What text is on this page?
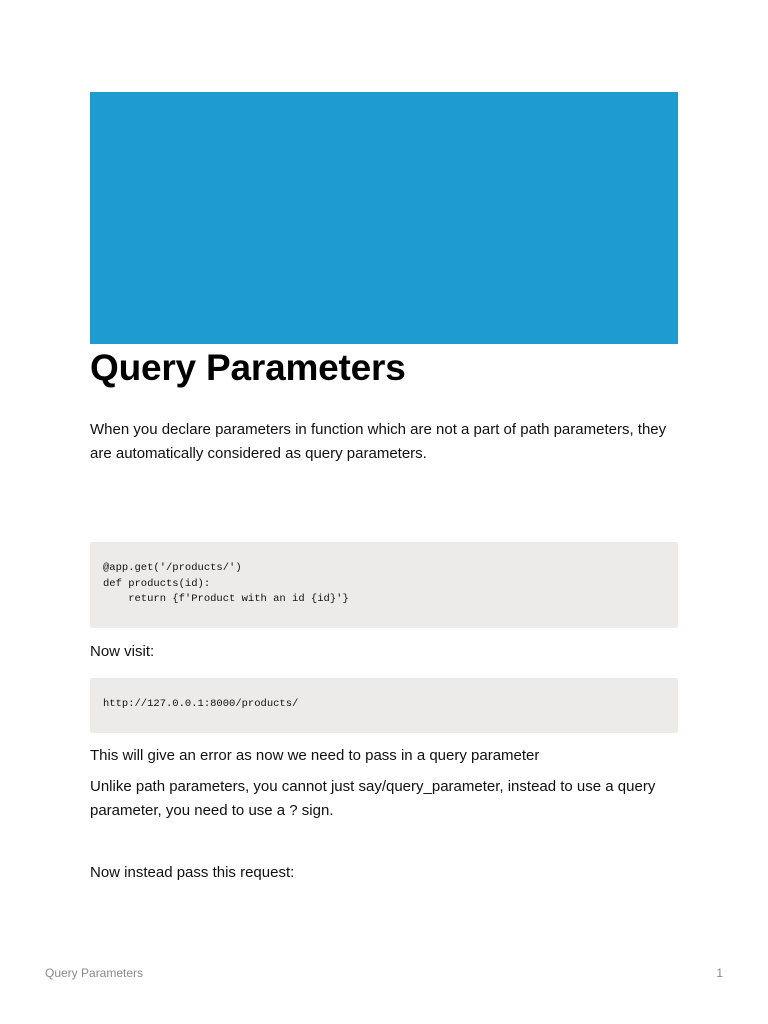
Query Parameters

When you declare parameters in function which are not a part of path parameters, they are automatically considered as query parameters.

@app.get('/products/')
def products(id):
return {f'Product with an id {id}'}

Now visit:

http://127.0.0.1:8000/products/

This will give an error as now we need to pass in a query parameter

Unlike path parameters, you cannot just say/query_parameter, instead to use a query parameter, you need to use a ? sign.

Now instead pass this request:

Query Parameters	1
